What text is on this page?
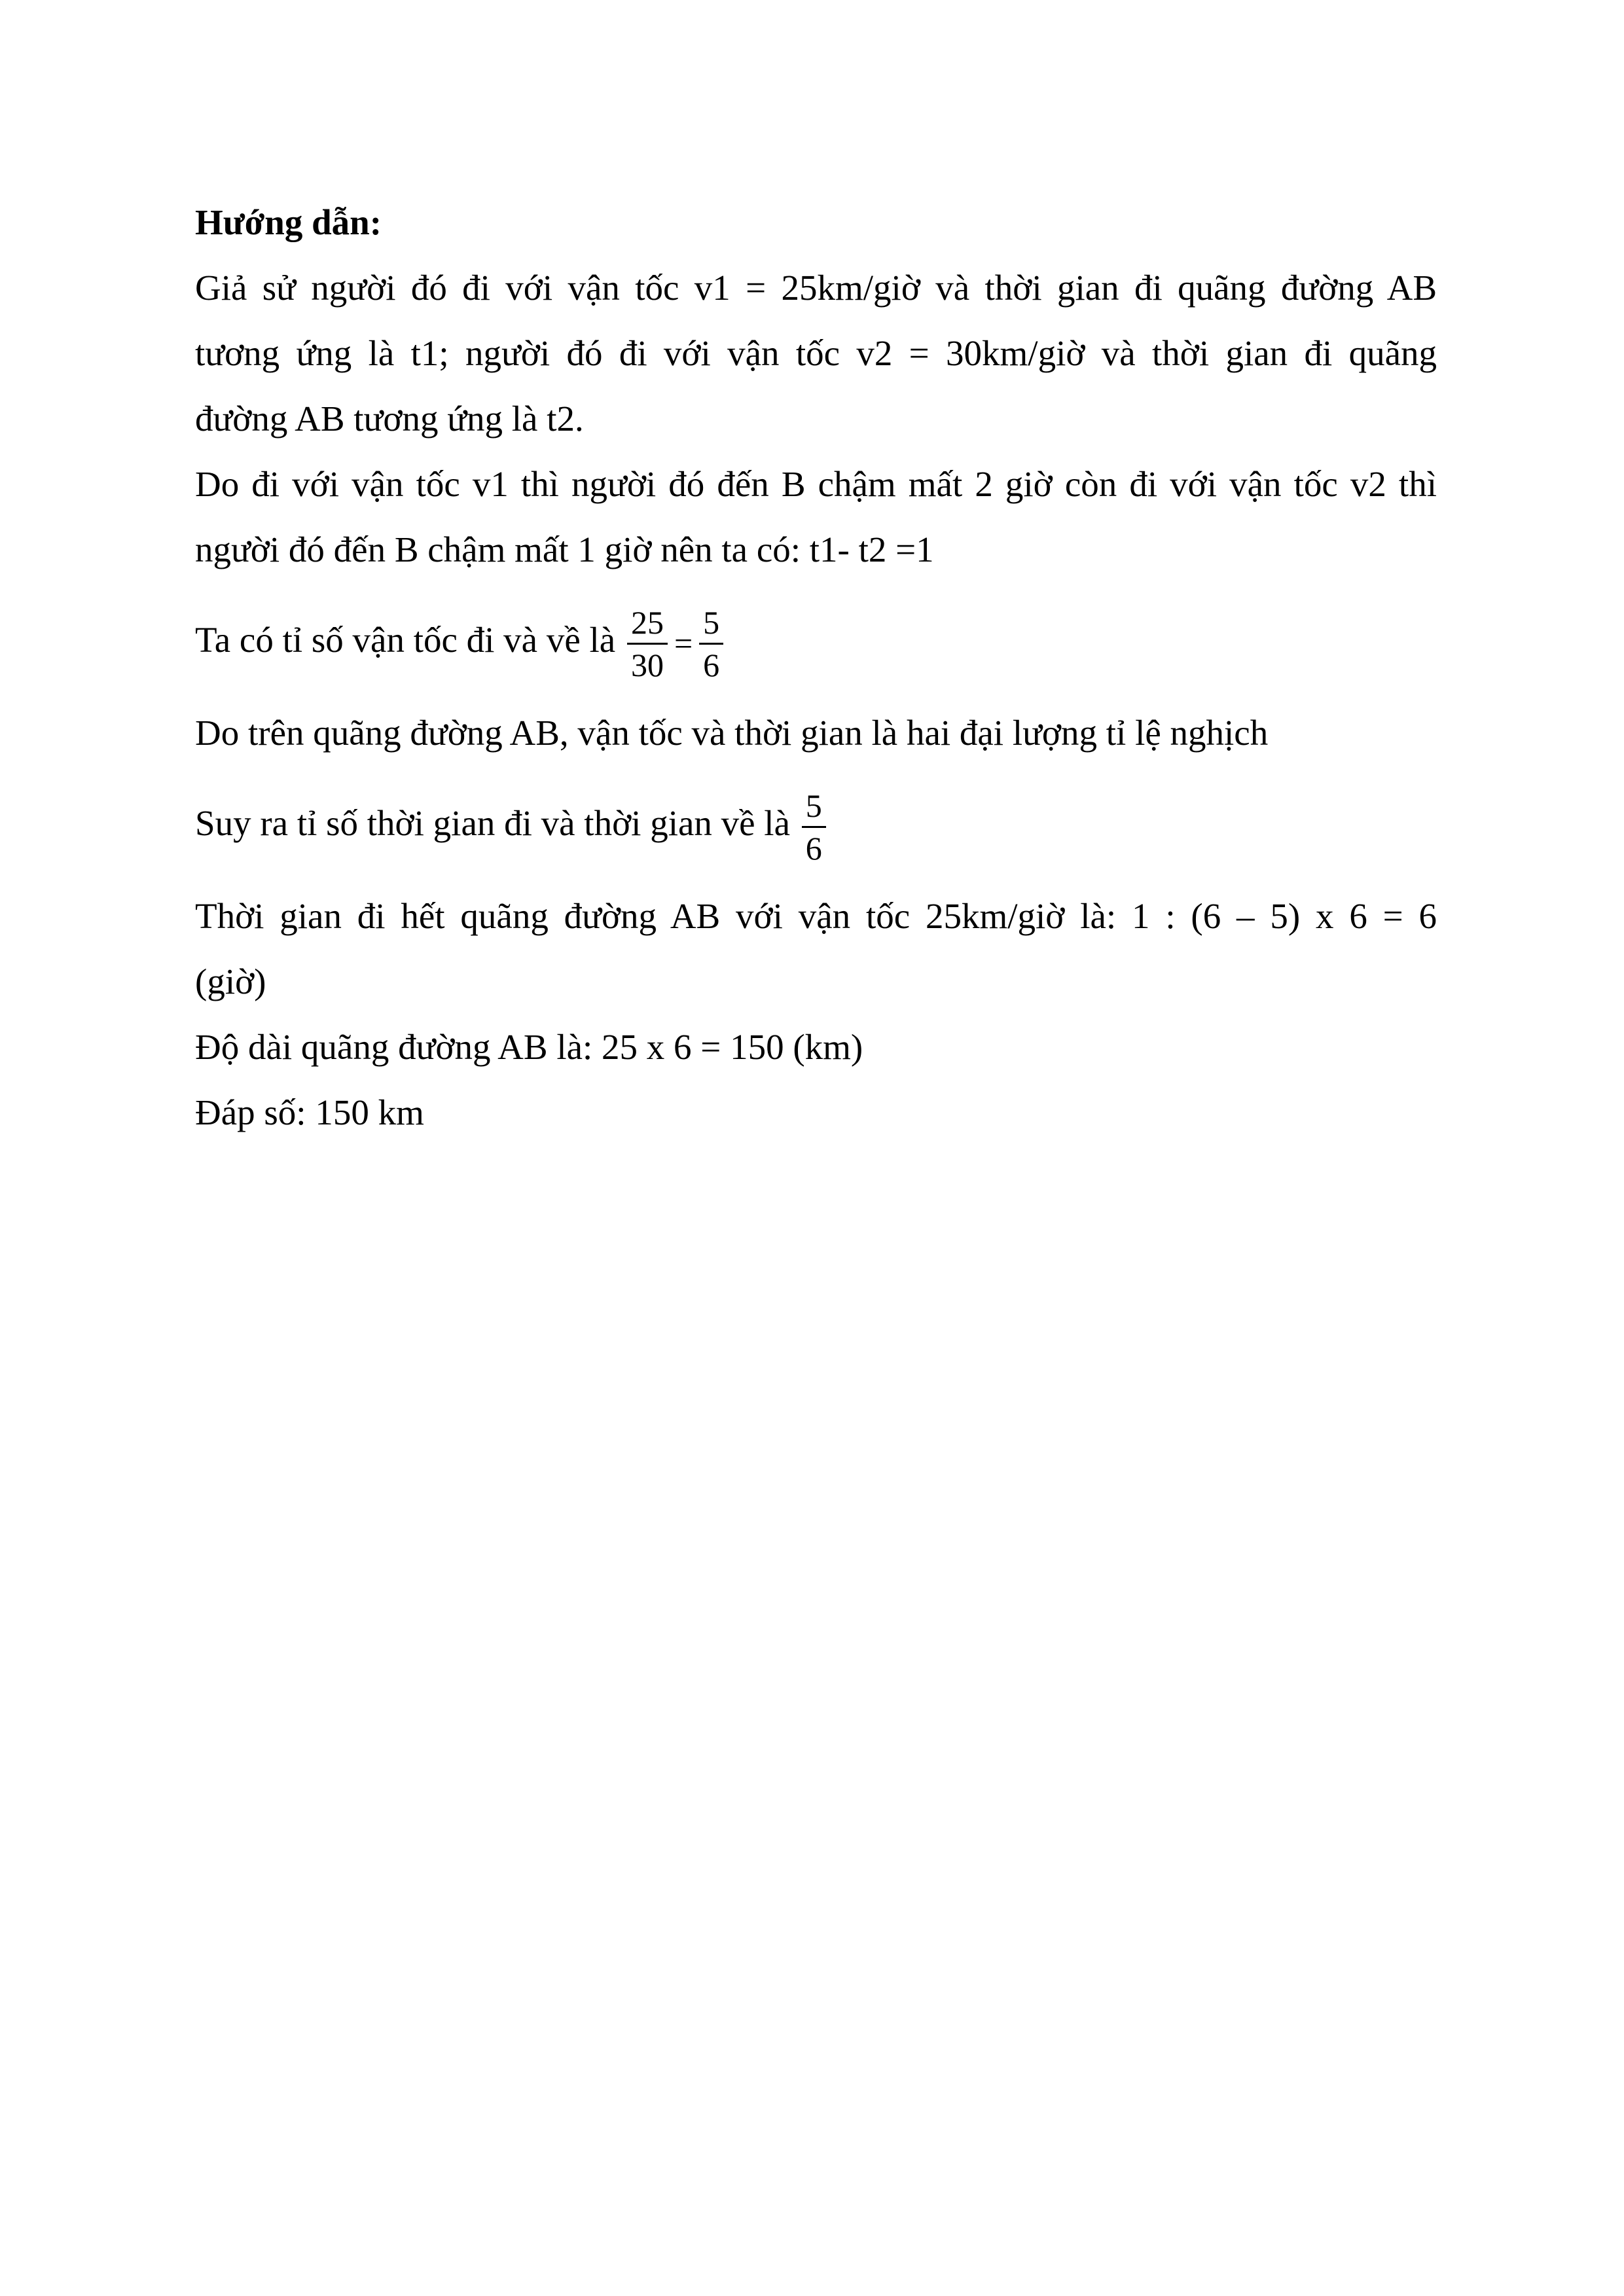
Hướng dẫn:
Giả sử người đó đi với vận tốc v1 = 25km/giờ và thời gian đi quãng đường AB
tương ứng là t1; người đó đi với vận tốc v2 = 30km/giờ và thời gian đi quãng
đường AB tương ứng là t2.
Do đi với vận tốc v1 thì người đó đến B chậm mất 2 giờ còn đi với vận tốc v2 thì
người đó đến B chậm mất 1 giờ nên ta có: t1- t2 =1
Ta có tỉ số vận tốc đi và về là $\frac{25}{30} = \frac{5}{6}$
Do trên quãng đường AB, vận tốc và thời gian là hai đại lượng tỉ lệ nghịch
Suy ra tỉ số thời gian đi và thời gian về là $\frac{5}{6}$
Thời gian đi hết quãng đường AB với vận tốc 25km/giờ là: 1 : (6 – 5) x 6 = 6
(giờ)
Độ dài quãng đường AB là: 25 x 6 = 150 (km)
Đáp số: 150 km
